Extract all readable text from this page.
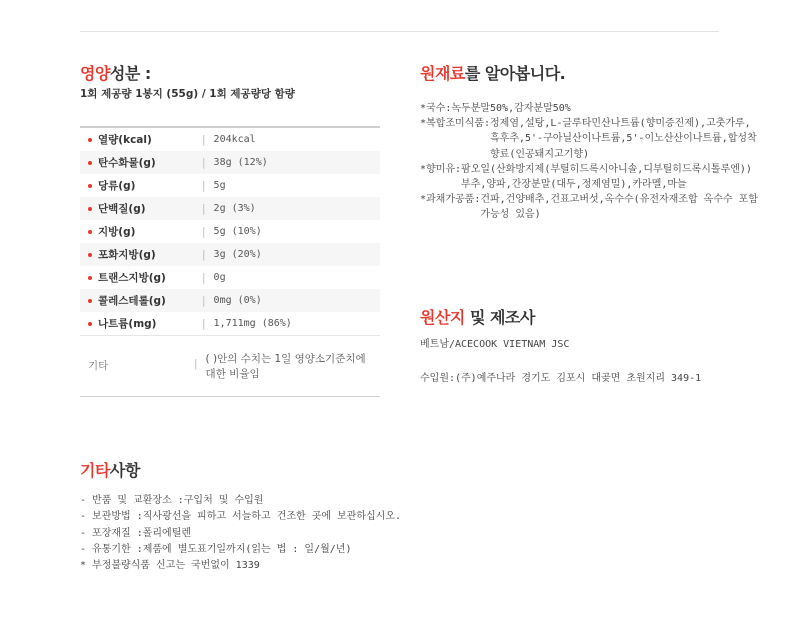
영양성분 :
1회 제공량 1봉지 (55g) / 1회 제공량당 함량
열량(kcal)	| 204kcal
탄수화물(g)	| 38g (12%)
당류(g)	| 5g
단백질(g)	| 2g (3%)
지방(g)	| 5g (10%)
포화지방(g)	| 3g (20%)
트랜스지방(g)	| 0g
콜레스테롤(g)	| 0mg (0%)
나트륨(mg)	| 1,711mg (86%)
기타	| ( )안의 수치는 1일 영양소기준치에 대한 비율임
원재료를 알아봅니다.
*국수: 녹두분말50%,감자분말50%
*복합조미식품: 정제염,설탕,L-글루타민산나트륨(향미증진제),고춧가루,흑후추,5'-구아닐산이나트륨,5'-이노산산이나트륨,합성착향료(인공돼지고기향)
*향미유: 팜오일(산화방지제(부틸히드록시아니솔,디부틸히드록시톨루엔))부추,양파,간장분말(대두,정제염밀),카라멜,마늘
*과채가공품: 건파,건양배추,건표고버섯,옥수수(유전자재조합 옥수수 포함 가능성 있음)
원산지 및 제조사
베트남/ACECOOK VIETNAM JSC
수입원:(주)예주나라 경기도 김포시 대곶면 초원지리 349-1
기타사항
- 반품 및 교환장소 : 구입처 및 수입원
- 보관방법 : 직사광선을 피하고 서늘하고 건조한 곳에 보관하십시오.
- 포장재질 : 폴리에틸렌
- 유통기한 : 제품에 별도표기일까지(읽는 법 : 일/월/년)
* 부정불량식품 신고는 국번없이 1339
